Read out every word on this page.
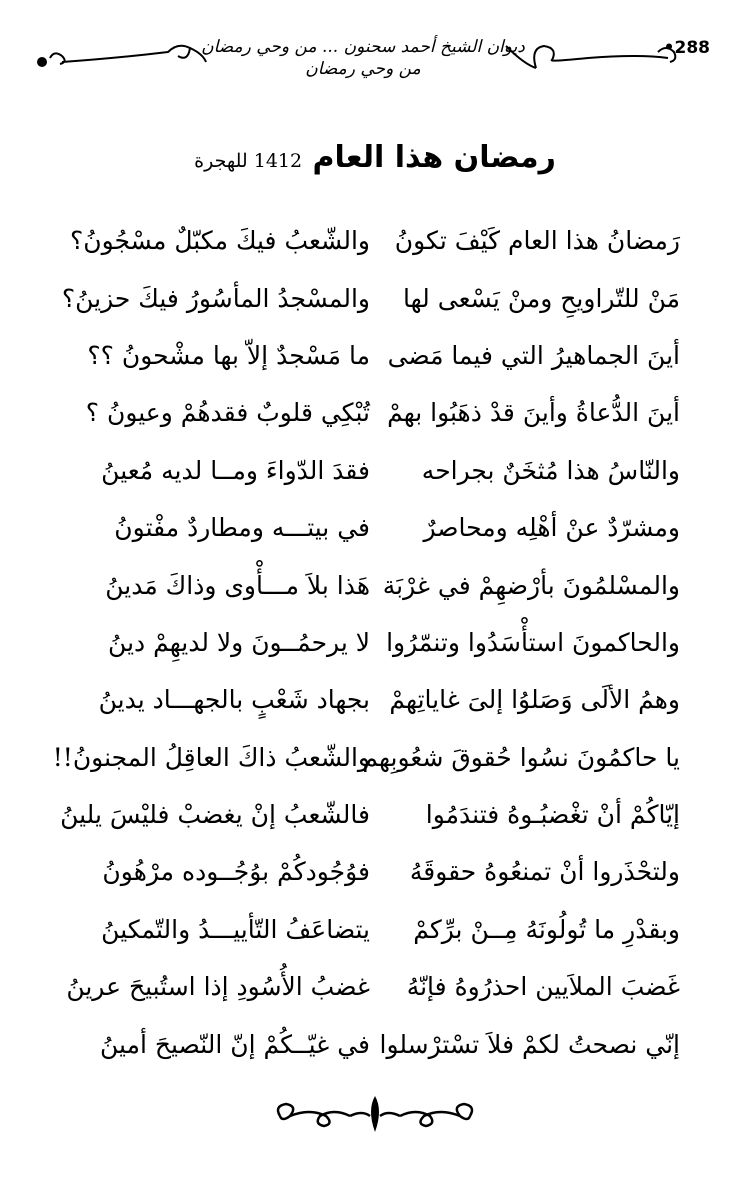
•288
ديوان الشيخ أحمد سحنون ... من وحي رمضان
من وحي رمضان
رمضان هذا العام 1412 للهجرة
رَمضانُ هذا العام كَيْفَ تكونُ
والشّعبُ فيكَ مكبّلٌ مسْجُونُ؟
مَنْ للتّراويحِ ومنْ يَسْعى لها
والمسْجدُ المأسُورُ فيكَ حزينُ؟
أينَ الجماهيرُ التي فيما مَضى
ما مَسْجدٌ إلاّ بها مشْحونُ ؟؟
أينَ الدُّعاةُ وأينَ قدْ ذهَبُوا بهمْ
تُبْكِي قلوبٌ فقدهُمْ وعيونُ ؟
والنّاسُ هذا مُثخَنٌ بجراحه
فقدَ الدّواءَ ومــا لديه مُعينُ
ومشرّدٌ عنْ أهْلِه ومحاصرٌ
في بيتـــه ومطاردٌ مفْتونُ
والمسْلمُونَ بأرْضهِمْ في غرْبَة
هَذا بلاَ مـــأْوى وذاكَ مَدينُ
والحاكمونَ استأْسَدُوا وتنمّرُوا
لا يرحمُــونَ ولا لديهِمْ دينُ
وهمُ الألَى وَصَلوُا إلىَ غاياتِهمْ
بجهاد شَعْبٍ بالجهـــاد يدينُ
يا حاكمُونَ نسُوا حُقوقَ شعُوبِهم
والشّعبُ ذاكَ العاقِلُ المجنونُ!!
إيّاكُمْ أنْ تغْضبُـوهُ فتندَمُوا
فالشّعبُ إنْ يغضبْ فليْسَ يلينُ
ولتحْذَروا أنْ تمنعُوهُ حقوقَهُ
فوُجُودكُمْ بوُجُــوده مرْهُونُ
وبقدْرِ ما تُولُونَهُ مِــنْ برِّكمْ
يتضاعَفُ التّأييـــدُ والتّمكينُ
غَضبَ الملاَيين احذرُوهُ فإنّهُ
غضبُ الأُسُودِ إذا استُبيحَ عرينُ
إنّي نصحتُ لكمْ فلاَ تسْترْسلوا
في غيّــكُمْ إنّ النّصيحَ أمينُ
